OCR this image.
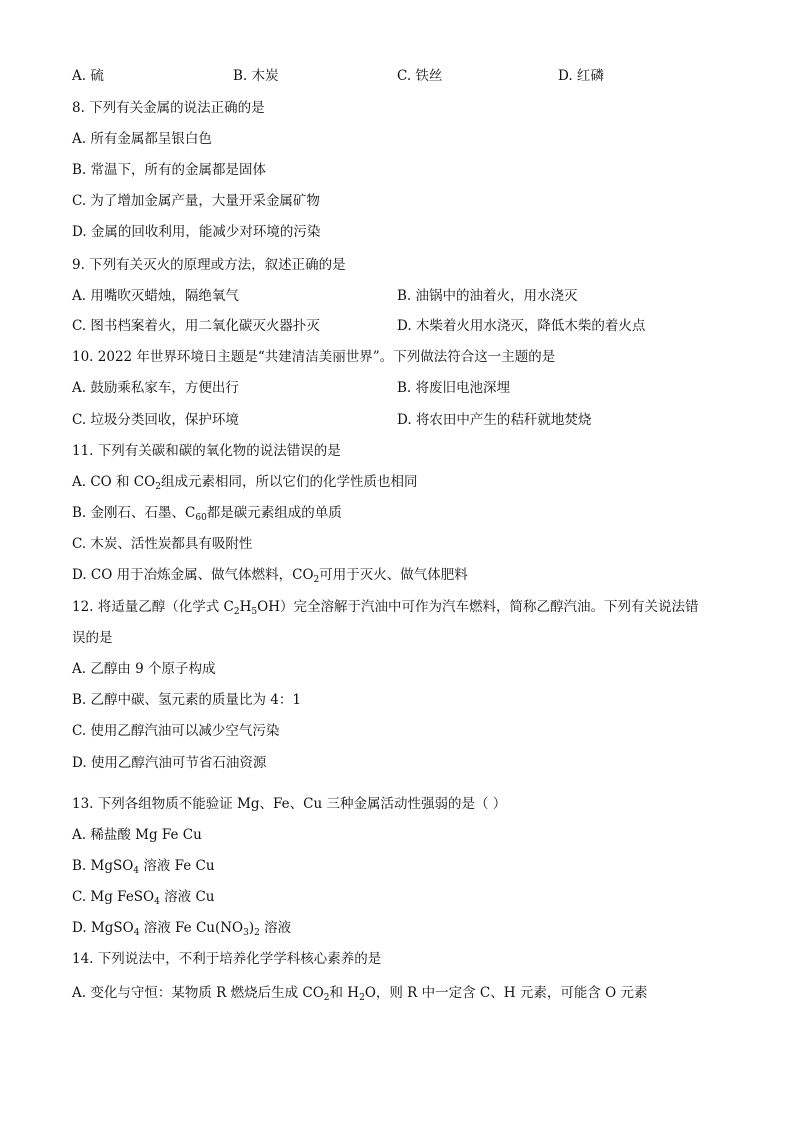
A. 硫	B. 木炭	C. 铁丝	D. 红磷
8. 下列有关金属的说法正确的是
A. 所有金属都呈银白色
B. 常温下，所有的金属都是固体
C. 为了增加金属产量，大量开采金属矿物
D. 金属的回收利用，能减少对环境的污染
9. 下列有关灭火的原理或方法，叙述正确的是
A. 用嘴吹灭蜡烛，隔绝氧气	B. 油锅中的油着火，用水浇灭
C. 图书档案着火，用二氧化碳灭火器扑灭	D. 木柴着火用水浇灭，降低木柴的着火点
10. 2022 年世界环境日主题是“共建清洁美丽世界”。下列做法符合这一主题的是
A. 鼓励乘私家车，方便出行	B. 将废旧电池深埋
C. 垃圾分类回收，保护环境	D. 将农田中产生的秸秆就地焚烧
11. 下列有关碳和碳的氧化物的说法错误的是
A. CO 和 $CO_2$组成元素相同，所以它们的化学性质也相同
B. 金刚石、石墨、$C_{60}$都是碳元素组成的单质
C. 木炭、活性炭都具有吸附性
D. CO 用于冶炼金属、做气体燃料，$CO_2$可用于灭火、做气体肥料
12. 将适量乙醇（化学式 $C_2H_5OH$）完全溶解于汽油中可作为汽车燃料，简称乙醇汽油。下列有关说法错
误的是
A. 乙醇由 9 个原子构成
B. 乙醇中碳、氢元素的质量比为 4：1
C. 使用乙醇汽油可以减少空气污染
D. 使用乙醇汽油可节省石油资源
13. 下列各组物质不能验证 Mg、Fe、Cu 三种金属活动性强弱的是（ ）
A. 稀盐酸 Mg Fe Cu
B. MgSO$_4$ 溶液 Fe Cu
C. Mg FeSO$_4$ 溶液 Cu
D. MgSO$_4$ 溶液 Fe $Cu(NO_3)_2$ 溶液
14. 下列说法中，不利于培养化学学科核心素养的是
A. 变化与守恒：某物质 R 燃烧后生成 $CO_2$和 $H_2O$，则 R 中一定含 C、H 元素，可能含 O 元素
